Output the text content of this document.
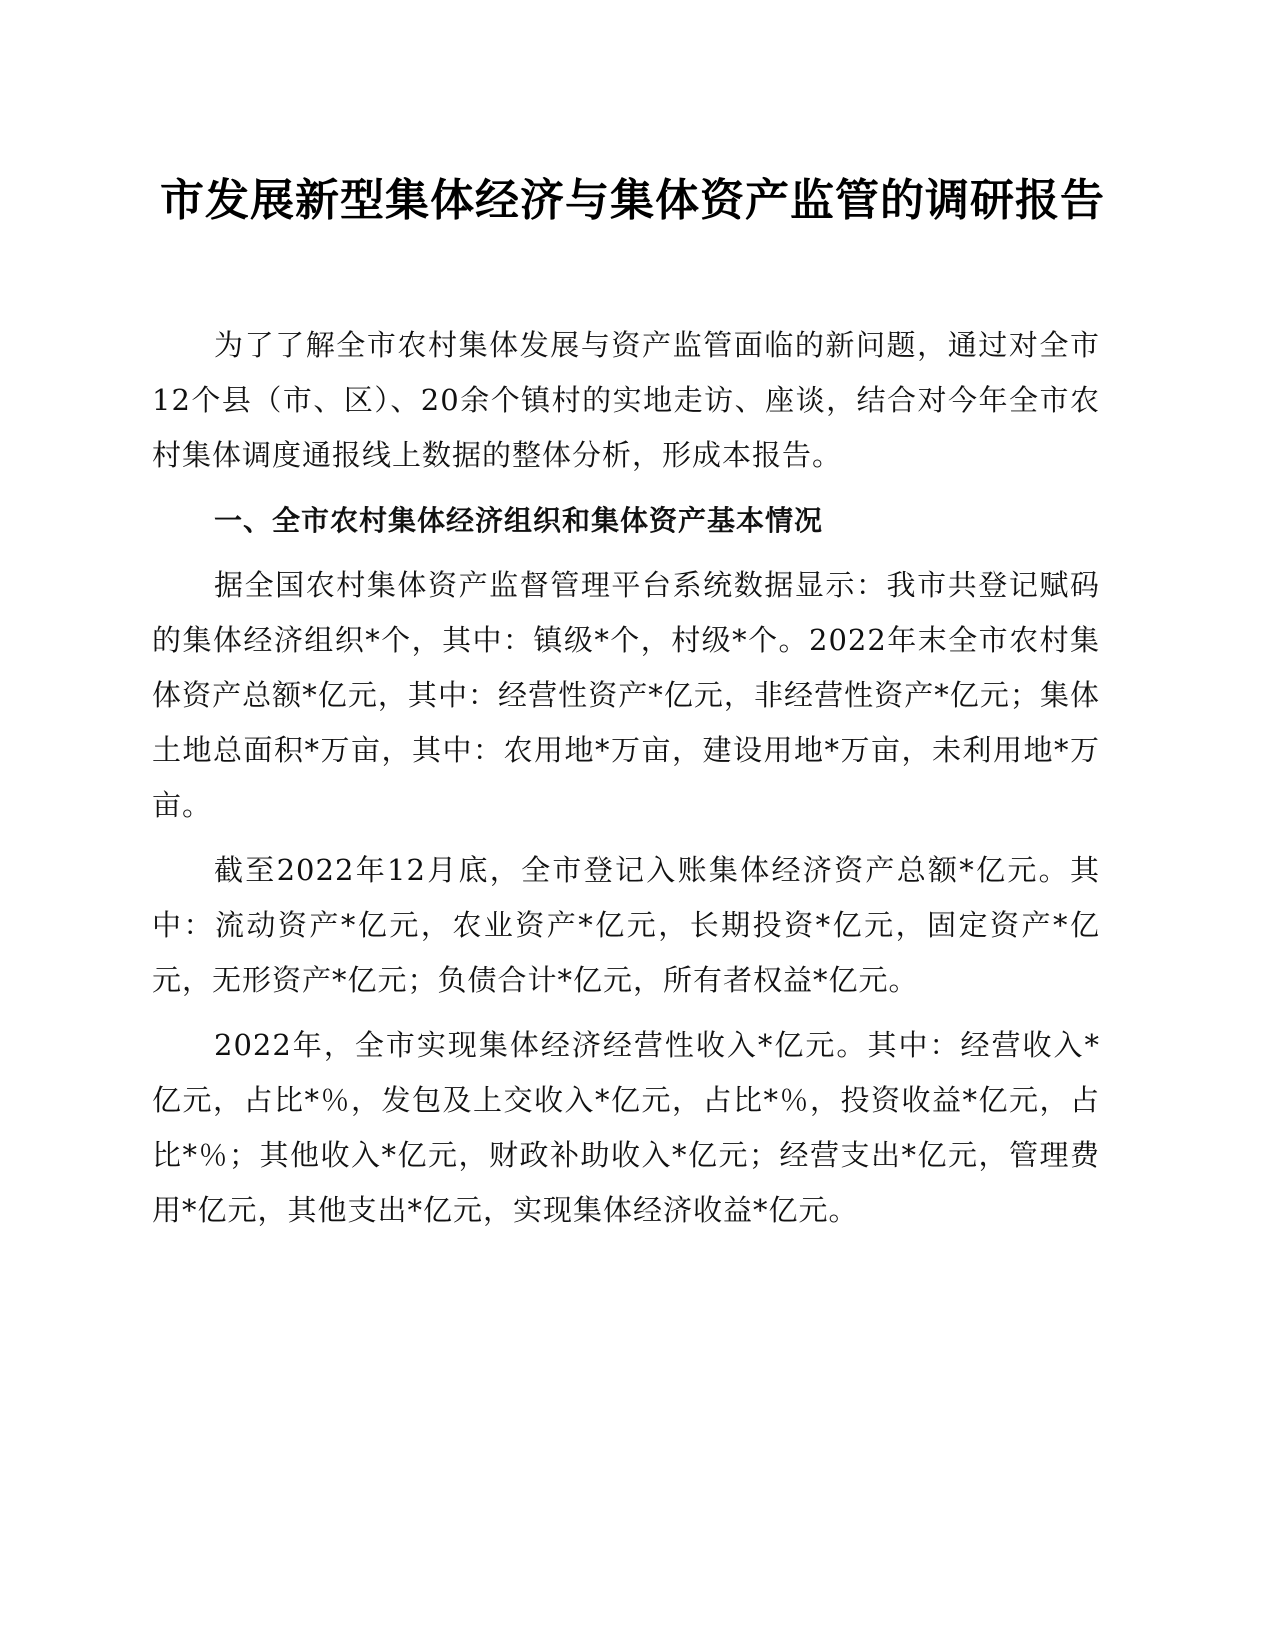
市发展新型集体经济与集体资产监管的调研报告

为了了解全市农村集体发展与资产监管面临的新问题，通过对全市12个县（市、区）、20余个镇村的实地走访、座谈，结合对今年全市农村集体调度通报线上数据的整体分析，形成本报告。

一、全市农村集体经济组织和集体资产基本情况

据全国农村集体资产监督管理平台系统数据显示：我市共登记赋码的集体经济组织*个，其中：镇级*个，村级*个。2022年末全市农村集体资产总额*亿元，其中：经营性资产*亿元，非经营性资产*亿元；集体土地总面积*万亩，其中：农用地*万亩，建设用地*万亩，未利用地*万亩。

截至2022年12月底，全市登记入账集体经济资产总额*亿元。其中：流动资产*亿元，农业资产*亿元，长期投资*亿元，固定资产*亿元，无形资产*亿元；负债合计*亿元，所有者权益*亿元。

2022年，全市实现集体经济经营性收入*亿元。其中：经营收入*亿元，占比*％，发包及上交收入*亿元，占比*％，投资收益*亿元，占比*％；其他收入*亿元，财政补助收入*亿元；经营支出*亿元，管理费用*亿元，其他支出*亿元，实现集体经济收益*亿元。
